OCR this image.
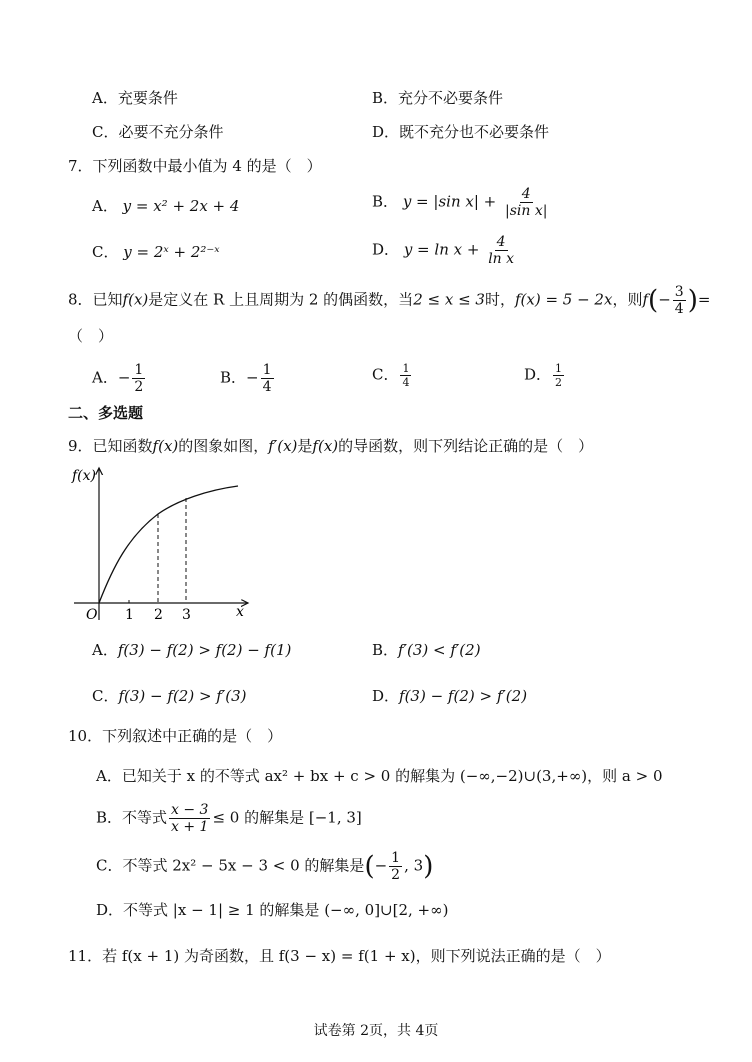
A．充要条件	B．充分不必要条件
C．必要不充分条件	D．既不充分也不必要条件
7．下列函数中最小值为 4 的是（　）
A． y = x² + 2x + 4	B． y = |sin $x| + \frac{4}{\text{|sin x|}}$
C． y = 2ˣ + 2²⁻ˣ	D． $y = \ln x + \frac{4}{\text{ln x}}$
8．已知f(x)是定义在 R 上且周期为 2 的偶函数，当2 ≤ x ≤ 3时，f(x) = 5 − 2x，则$f(- \frac{3}{4}$ )=
（　）
A．− $\frac{1}{2}$	B．− $\frac{1}{4}$	C． $\frac{1}{4}$	D． $\frac{1}{2}$
二、多选题
9．已知函数f(x)的图象如图，f′(x)是f(x)的导函数，则下列结论正确的是（　）
f(x)
x
O 1 2 3
A．f(3) − f(2) > f(2) − f(1)	B．f′(3) < f′(2)
C．f(3) − f(2) > f′(3)	D．f(3) − f(2) > f′(2)
10．下列叙述中正确的是（　）
A．已知关于 x 的不等式 ax² + bx + c > 0 的解集为 (−∞,−2)∪(3,+∞)，则 a > 0
B．不等式 $\frac{x - 3}{x + 1} \le 0$ 的解集是 [−1, 3]
C．不等式 2x² − 5x − 3 < 0 的解集是(− $\frac{1}{2}$ , 3)
D．不等式 |x − 1| ≥ 1 的解集是 (−∞, 0]∪[2, +∞)
11．若 f(x + 1) 为奇函数，且 f(3 − x) = f(1 + x)，则下列说法正确的是（　）
试卷第 2页，共 4页
